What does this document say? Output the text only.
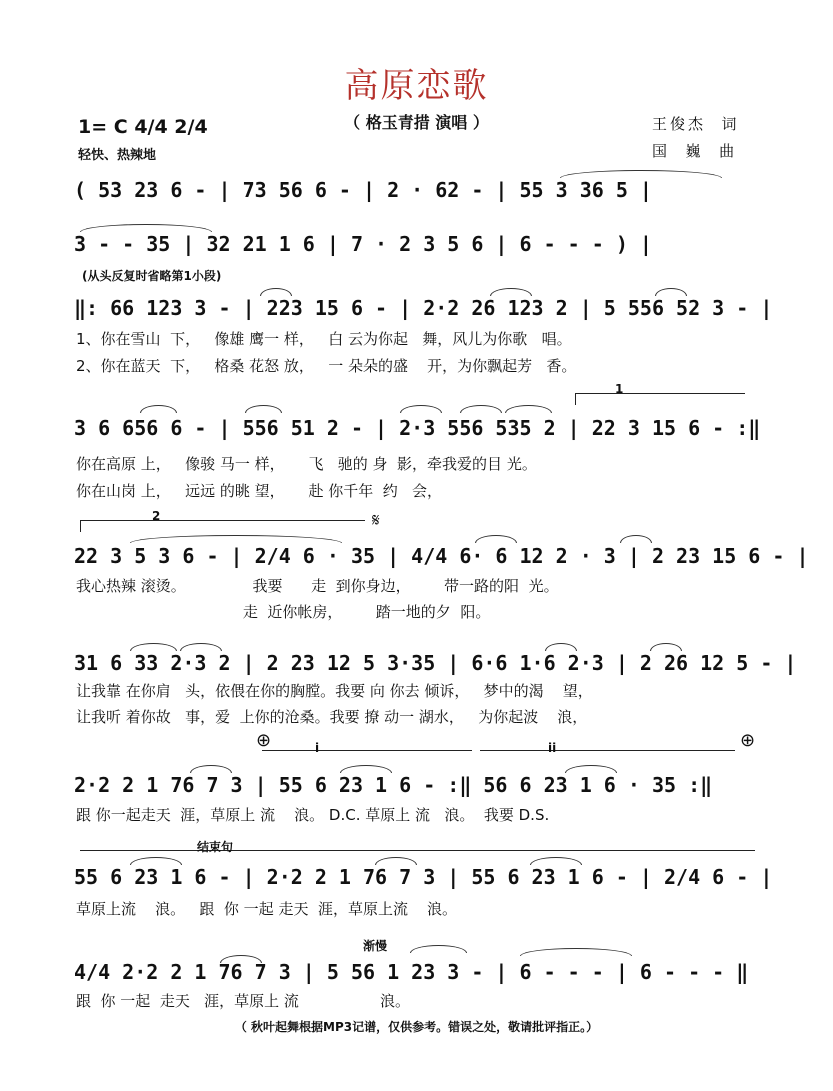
高原恋歌
（ 格玉青措 演唱 ）
1= C 4/4 2/4
轻快、热辣地
王俊杰  词
国  巍  曲
( 53 23 6 - | 73 56 6 - | 2 · 62 - | 55 3 36 5 |
3 - - 35 | 32 21 1 6 | 7 · 2 3 5 6 | 6 - - - ) |
(从头反复时省略第1小段)
‖: 66 123 3 - | 223 15 6 - | 2·2 26 123 2 | 5 556 52 3 - |
1、你在雪山  下，   像雄 鹰一 样，   白 云为你起   舞，风儿为你歌   唱。
2、你在蓝天  下，   格桑 花怒 放，   一 朵朵的盛    开，为你飘起芳   香。
1
3 6 656 6 - | 556 51 2 - | 2·3 556 535 2 | 22 3 15 6 - :‖
你在高原 上，   像骏 马一 样，     飞   驰的 身  影，牵我爱的目 光。
你在山岗 上，   远远 的眺 望，     赴 你千年  约   会，
2	𝄋
22 3 5 3 6 - | 2/4 6 · 35 | 4/4 6· 6 12 2 · 3 | 2 23 15 6 - |
我心热辣 滚烫。              我要      走  到你身边，       带一路的阳  光。
走  近你帐房，       踏一地的夕  阳。
31 6 33 2·3 2 | 2 23 12 5 3·35 | 6·6 1·6 2·3 | 2 26 12 5 - |
让我靠 在你肩   头，依偎在你的胸膛。我要 向 你去 倾诉，   梦中的渴    望，
让我听 着你故   事，爱  上你的沧桑。我要 撩 动一 湖水，   为你起波    浪，
⊕	⊕
i	ii
2·2 2 1 76 7 3 | 55 6 23 1 6 - :‖ 56 6 23 1 6 · 35 :‖
跟 你一起走天  涯，草原上 流    浪。 D.C. 草原上 流   浪。  我要 D.S.
结束句
55 6 23 1 6 - | 2·2 2 1 76 7 3 | 55 6 23 1 6 - | 2/4 6 - |
草原上流    浪。   跟  你 一起 走天  涯，草原上流    浪。
渐慢
4/4 2·2 2 1 76 7 3 | 5 56 1 23 3 - | 6 - - - | 6 - - - ‖
跟  你 一起  走天   涯，草原上 流                 浪。
（ 秋叶起舞根据MP3记谱，仅供参考。错误之处，敬请批评指正。）
